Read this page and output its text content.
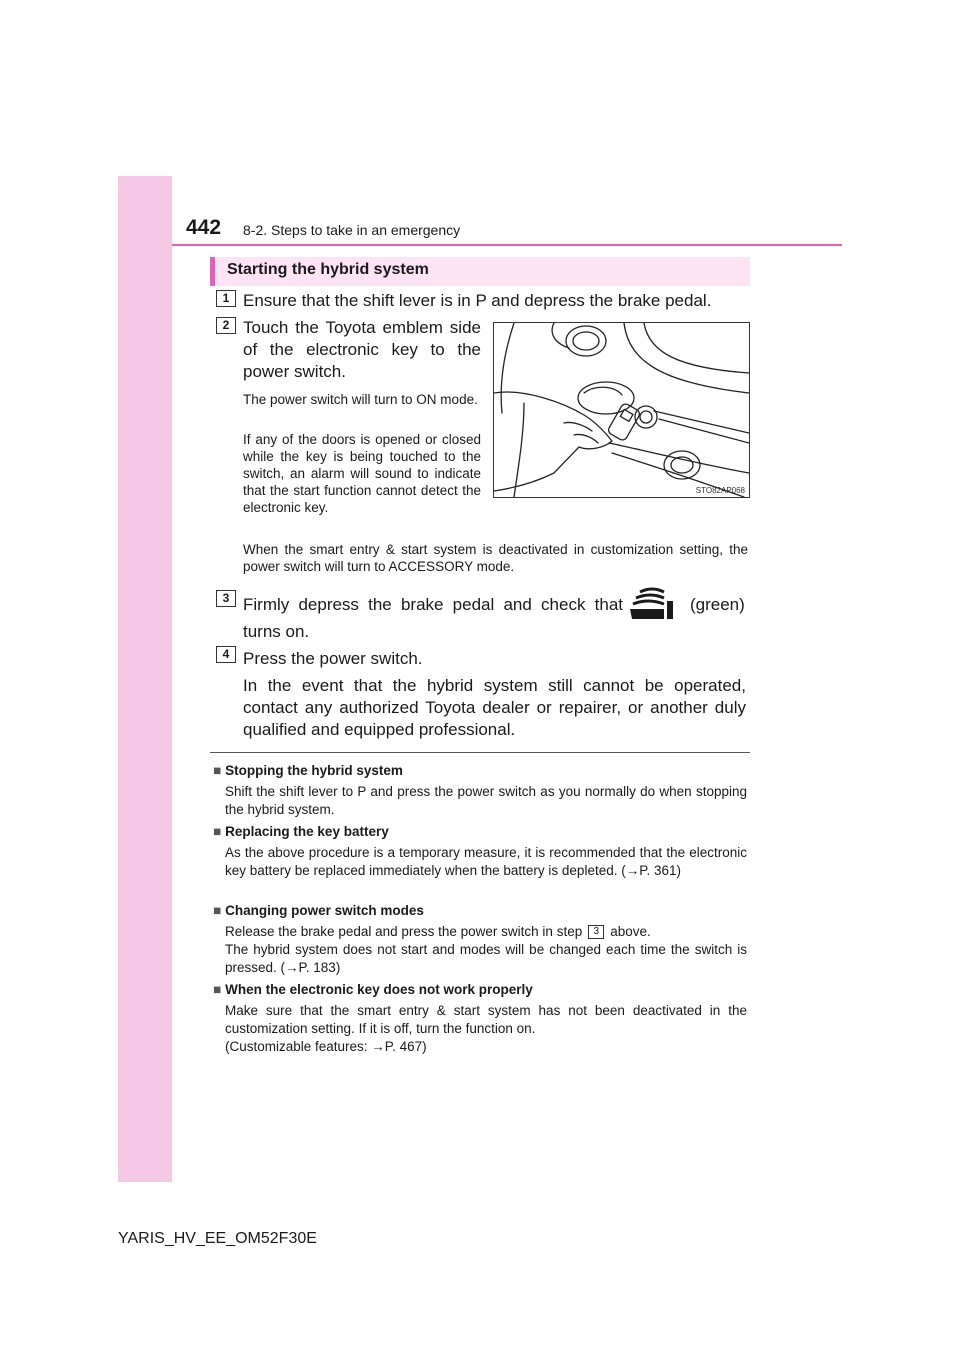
442 8-2. Steps to take in an emergency
Starting the hybrid system
1 Ensure that the shift lever is in P and depress the brake pedal.
2 Touch the Toyota emblem side of the electronic key to the power switch.
The power switch will turn to ON mode.
If any of the doors is opened or closed while the key is being touched to the switch, an alarm will sound to indicate that the start function cannot detect the electronic key.
STO82AP068
When the smart entry & start system is deactivated in customization setting, the power switch will turn to ACCESSORY mode.
3 Firmly depress the brake pedal and check that	(green)
turns on.
4 Press the power switch.
In the event that the hybrid system still cannot be operated, contact any authorized Toyota dealer or repairer, or another duly qualified and equipped professional.
■ Stopping the hybrid system
Shift the shift lever to P and press the power switch as you normally do when stopping the hybrid system.
■ Replacing the key battery
As the above procedure is a temporary measure, it is recommended that the electronic key battery be replaced immediately when the battery is depleted. (→P. 361)
■ Changing power switch modes
Release the brake pedal and press the power switch in step 3 above.
The hybrid system does not start and modes will be changed each time the switch is pressed. (→P. 183)
■ When the electronic key does not work properly
Make sure that the smart entry & start system has not been deactivated in the customization setting. If it is off, turn the function on.
(Customizable features: →P. 467)
YARIS_HV_EE_OM52F30E
